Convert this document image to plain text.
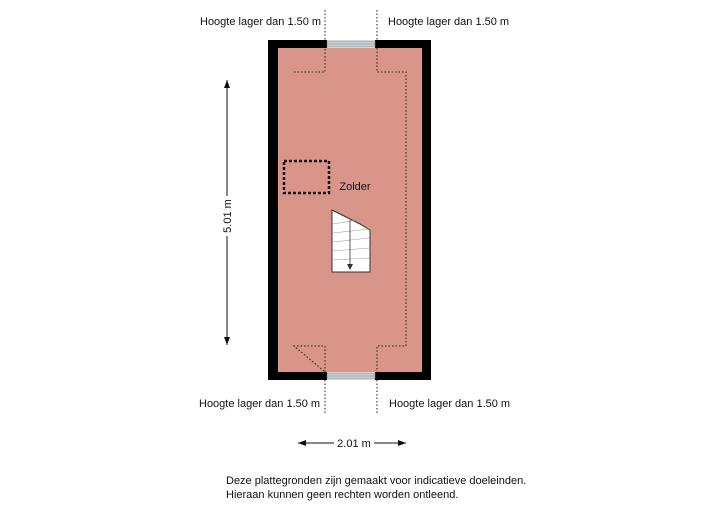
Zolder
5.01 m
2.01 m
Hoogte lager dan 1.50 m	Hoogte lager dan 1.50 m
Hoogte lager dan 1.50 m	Hoogte lager dan 1.50 m
Deze plattegronden zijn gemaakt voor indicatieve doeleinden.
Hieraan kunnen geen rechten worden ontleend.
